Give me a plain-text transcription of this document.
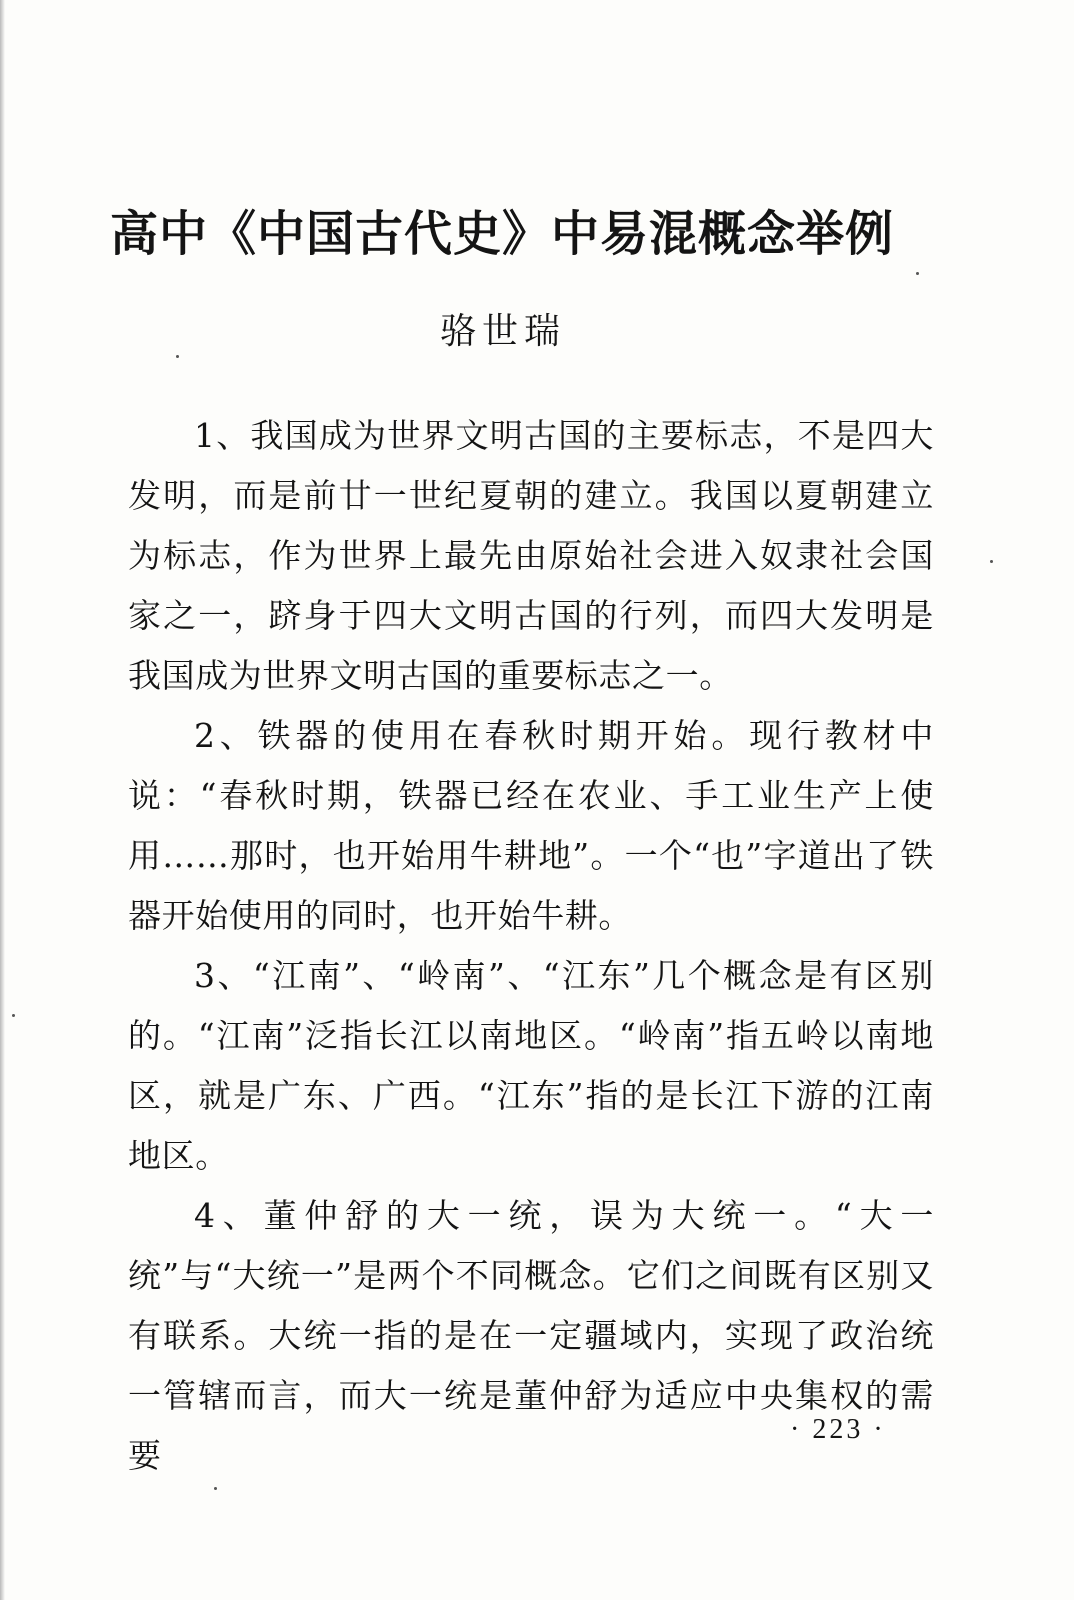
高中《中国古代史》中易混概念举例

骆世瑞

1、我国成为世界文明古国的主要标志，不是四大发明，而是前廿一世纪夏朝的建立。我国以夏朝建立为标志，作为世界上最先由原始社会进入奴隶社会国家之一，跻身于四大文明古国的行列，而四大发明是我国成为世界文明古国的重要标志之一。

2、铁器的使用在春秋时期开始。现行教材中说：“春秋时期，铁器已经在农业、手工业生产上使用……那时，也开始用牛耕地”。一个“也”字道出了铁器开始使用的同时，也开始牛耕。

3、“江南”、“岭南”、“江东”几个概念是有区别的。“江南”泛指长江以南地区。“岭南”指五岭以南地区，就是广东、广西。“江东”指的是长江下游的江南地区。

4、董仲舒的大一统，误为大统一。“大一统”与“大统一”是两个不同概念。它们之间既有区别又有联系。大统一指的是在一定疆域内，实现了政治统一管辖而言，而大一统是董仲舒为适应中央集权的需要

· 223 ·
